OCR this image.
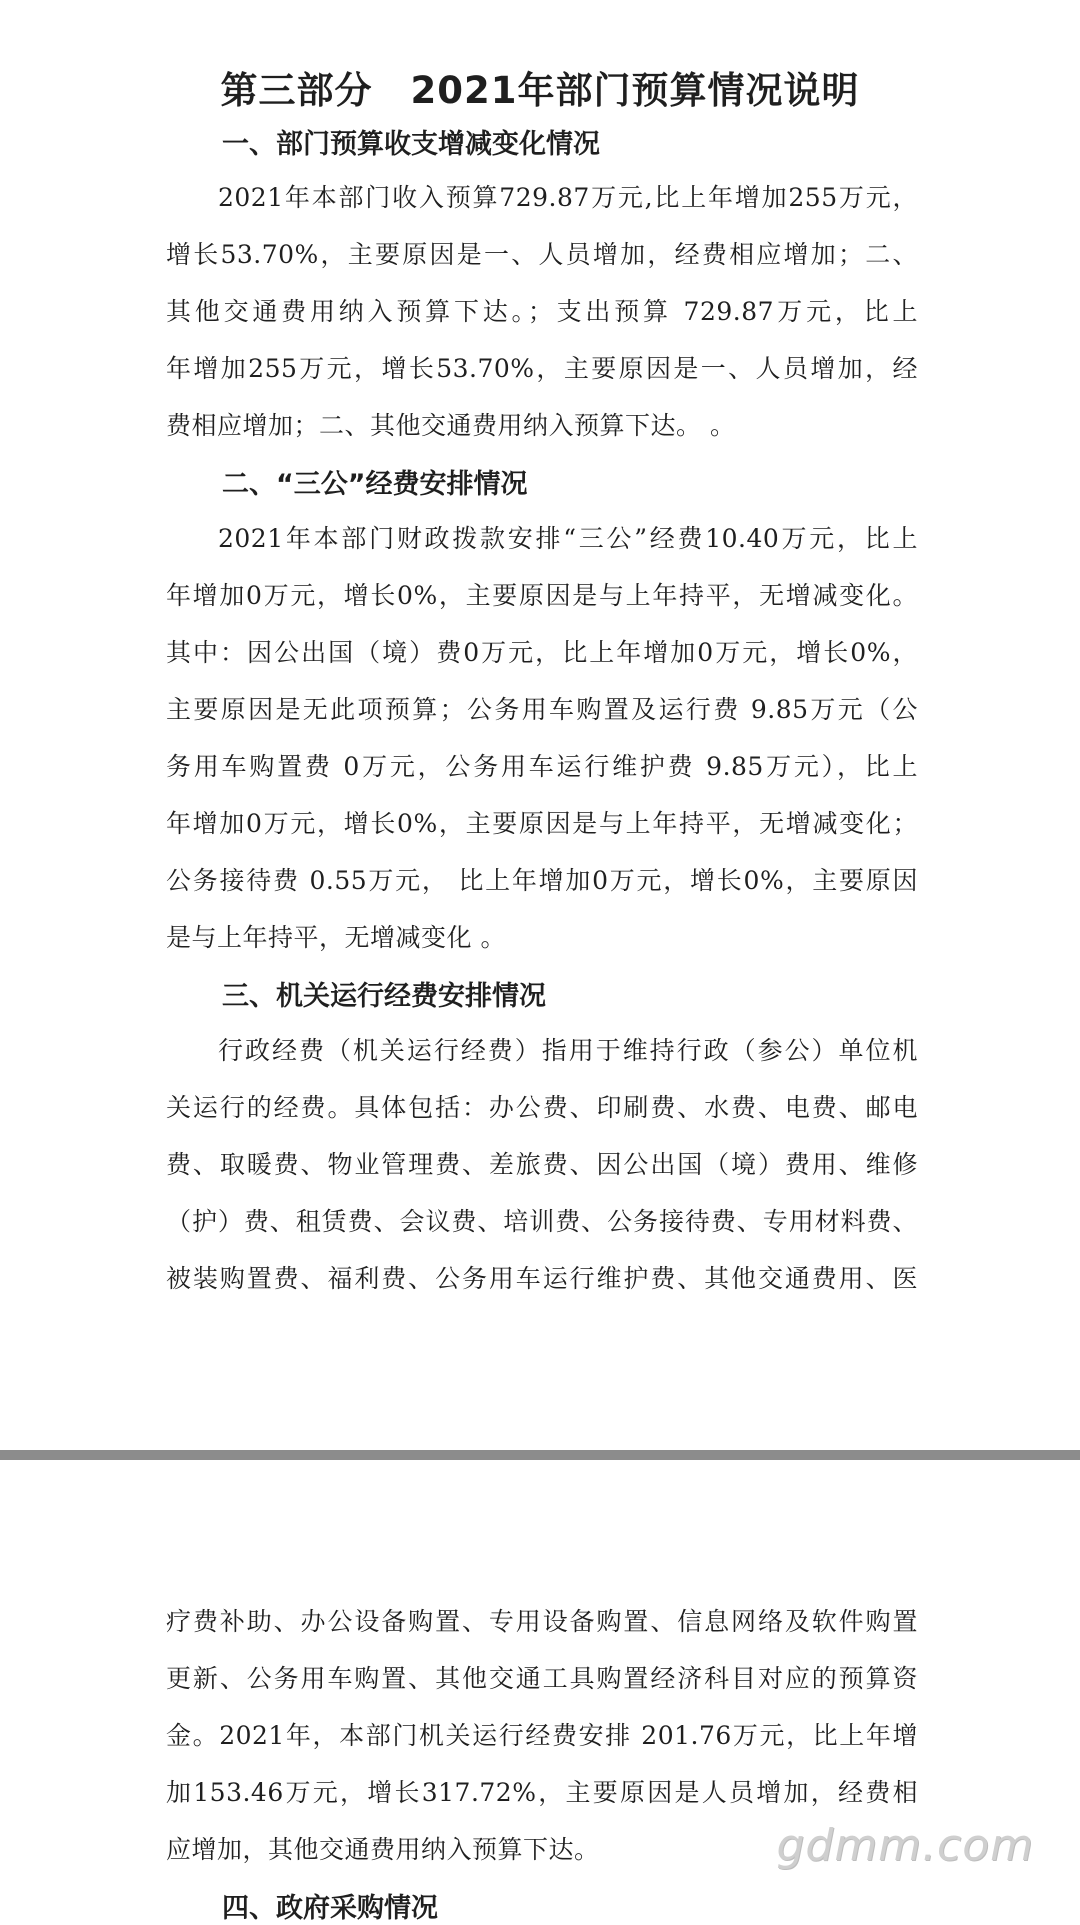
第三部分　2021年部门预算情况说明
一、部门预算收支增减变化情况

2021年本部门收入预算729.87万元,比上年增加255万元，

增长53.70%，主要原因是一、人员增加，经费相应增加；二、

其他交通费用纳入预算下达。；支出预算 729.87万元，比上

年增加255万元，增长53.70%，主要原因是一、人员增加，经

费相应增加；二、其他交通费用纳入预算下达。 。

二、“三公”经费安排情况

2021年本部门财政拨款安排“三公”经费10.40万元，比上

年增加0万元，增长0%，主要原因是与上年持平，无增减变化。

其中：因公出国（境）费0万元，比上年增加0万元，增长0%，

主要原因是无此项预算；公务用车购置及运行费 9.85万元（公

务用车购置费 0万元，公务用车运行维护费 9.85万元），比上

年增加0万元，增长0%，主要原因是与上年持平，无增减变化；

公务接待费 0.55万元， 比上年增加0万元，增长0%，主要原因

是与上年持平，无增减变化 。

三、机关运行经费安排情况

行政经费（机关运行经费）指用于维持行政（参公）单位机

关运行的经费。具体包括：办公费、印刷费、水费、电费、邮电

费、取暖费、物业管理费、差旅费、因公出国（境）费用、维修

（护）费、租赁费、会议费、培训费、公务接待费、专用材料费、

被装购置费、福利费、公务用车运行维护费、其他交通费用、医

疗费补助、办公设备购置、专用设备购置、信息网络及软件购置

更新、公务用车购置、其他交通工具购置经济科目对应的预算资

金。2021年，本部门机关运行经费安排 201.76万元，比上年增

加153.46万元，增长317.72%，主要原因是人员增加，经费相

应增加，其他交通费用纳入预算下达。

四、政府采购情况
gdmm.com
